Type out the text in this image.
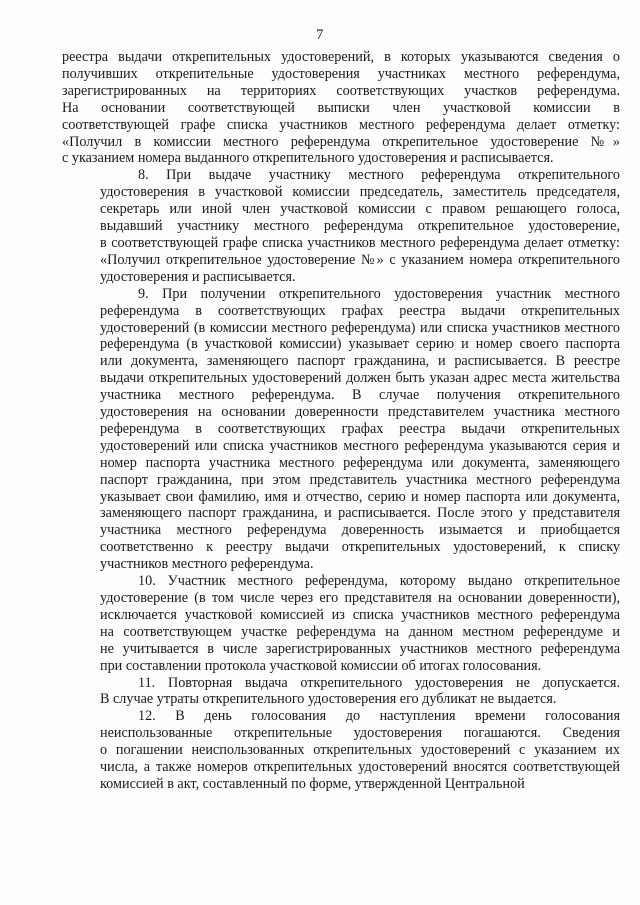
7
реестра выдачи открепительных удостоверений, в которых указываются сведения о
получивших открепительные удостоверения участниках местного референдума,
зарегистрированных на территориях соответствующих участков референдума.
На основании соответствующей выписки член участковой комиссии в
соответствующей графе списка участников местного референдума делает отметку:
«Получил в комиссии местного референдума открепительное удостоверение №»
с указанием номера выданного открепительного удостоверения и расписывается.
8. При выдаче участнику местного референдума открепительного
удостоверения в участковой комиссии председатель, заместитель председателя,
секретарь или иной член участковой комиссии с правом решающего голоса,
выдавший участнику местного референдума открепительное удостоверение,
в соответствующей графе списка участников местного референдума делает отметку:
«Получил открепительное удостоверение №» с указанием номера открепительного
удостоверения и расписывается.
9. При получении открепительного удостоверения участник местного
референдума в соответствующих графах реестра выдачи открепительных
удостоверений (в комиссии местного референдума) или списка участников местного
референдума (в участковой комиссии) указывает серию и номер своего паспорта
или документа, заменяющего паспорт гражданина, и расписывается. В реестре
выдачи открепительных удостоверений должен быть указан адрес места жительства
участника местного референдума. В случае получения открепительного
удостоверения на основании доверенности представителем участника местного
референдума в соответствующих графах реестра выдачи открепительных
удостоверений или списка участников местного референдума указываются серия и
номер паспорта участника местного референдума или документа, заменяющего
паспорт гражданина, при этом представитель участника местного референдума
указывает свои фамилию, имя и отчество, серию и номер паспорта или документа,
заменяющего паспорт гражданина, и расписывается. После этого у представителя
участника местного референдума доверенность изымается и приобщается
соответственно к реестру выдачи открепительных удостоверений, к списку
участников местного референдума.
10. Участник местного референдума, которому выдано открепительное
удостоверение (в том числе через его представителя на основании доверенности),
исключается участковой комиссией из списка участников местного референдума
на соответствующем участке референдума на данном местном референдуме и
не учитывается в числе зарегистрированных участников местного референдума
при составлении протокола участковой комиссии об итогах голосования.
11. Повторная выдача открепительного удостоверения не допускается.
В случае утраты открепительного удостоверения его дубликат не выдается.
12. В день голосования до наступления времени голосования
неиспользованные открепительные удостоверения погашаются. Сведения
о погашении неиспользованных открепительных удостоверений с указанием их
числа, а также номеров открепительных удостоверений вносятся соответствующей
комиссией в акт, составленный по форме, утвержденной Центральной
